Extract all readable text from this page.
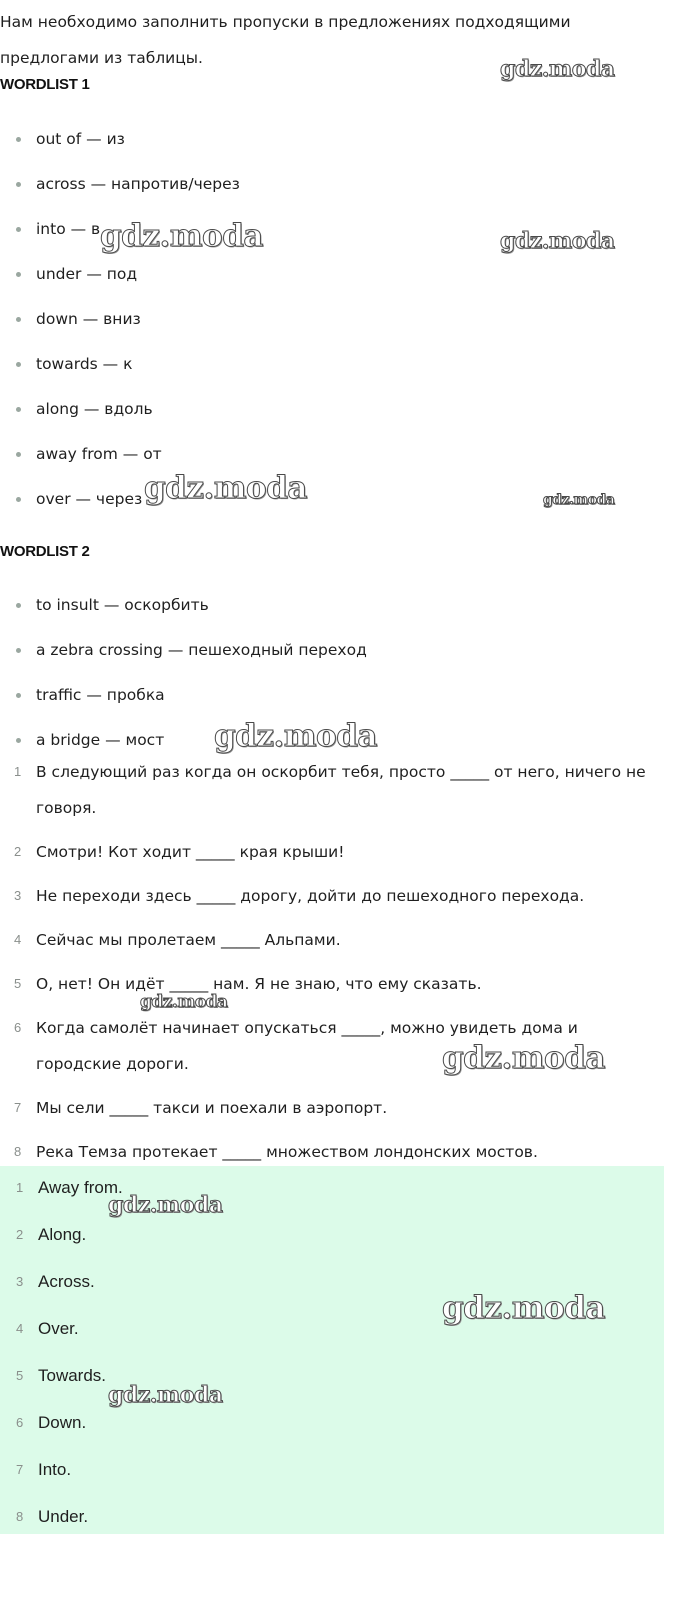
Нам необходимо заполнить пропуски в предложениях подходящими предлогами из таблицы.

WORDLIST 1
out of — из
across — напротив/через
into — в
under — под
down — вниз
towards — к
along — вдоль
away from — от
over — через
WORDLIST 2
to insult — оскорбить
a zebra crossing — пешеходный переход
traffic — пробка
a bridge — мост
1 В следующий раз когда он оскорбит тебя, просто _____ от него, ничего не говоря.
2 Смотри! Кот ходит _____ края крыши!
3 Не переходи здесь _____ дорогу, дойти до пешеходного перехода.
4 Сейчас мы пролетаем _____ Альпами.
5 О, нет! Он идёт _____ нам. Я не знаю, что ему сказать.
6 Когда самолёт начинает опускаться _____, можно увидеть дома и городские дороги.
7 Мы сели _____ такси и поехали в аэропорт.
8 Река Темза протекает _____ множеством лондонских мостов.
1 Away from.
2 Along.
3 Across.
4 Over.
5 Towards.
6 Down.
7 Into.
8 Under.
gdz.moda
gdz.moda	gdz.moda
gdz.moda	gdz.moda
gdz.moda
gdz.moda
gdz.moda
gdz.moda
gdz.moda
gdz.moda
